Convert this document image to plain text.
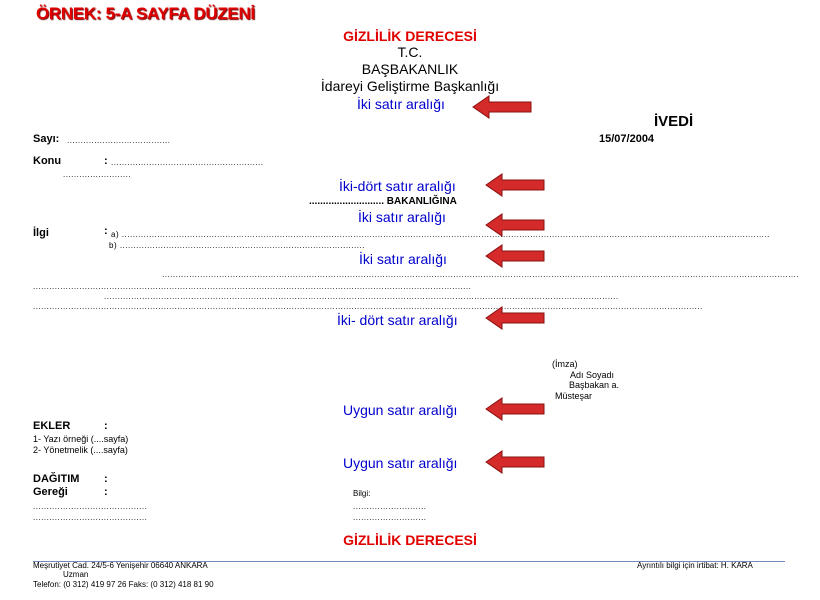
ÖRNEK: 5-A SAYFA DÜZENİ
GİZLİLİK DERECESİ
T.C.
BAŞBAKANLIK
İdareyi Geliştirme Başkanlığı
İki satır aralığı
İVEDİ
Sayı: ......................................	15/07/2004
Konu	: ........................................................
.........................
İki-dört satır aralığı
........................... BAKANLIĞINA
İki satır aralığı
İlgi	: a) ..............................................................................................................................................................................................................................................
b) ..........................................................................................
İki satır aralığı
..........................................................................................................................................................................................................................................
.................................................................................................................................................................
.............................................................................................................................................................................................
......................................................................................................................................................................................................................................................
İki- dört satır aralığı
(İmza)
Adı Soyadı
Başbakan a.
Müsteşar
Uygun satır aralığı
EKLER	:
1- Yazı örneği (....sayfa)
2- Yönetmelik (....sayfa)
Uygun satır aralığı
DAĞITIM :
Gereği	:	Bilgi:
..........................................
..........................................
...........................
...........................
GİZLİLİK DERECESİ
Meşrutiyet Cad. 24/5-6 Yenişehir 06640 ANKARA
Uzman
Telefon: (0 312) 419 97 26 Faks: (0 312) 418 81 90
Ayrıntılı bilgi için irtibat: H. KARA
